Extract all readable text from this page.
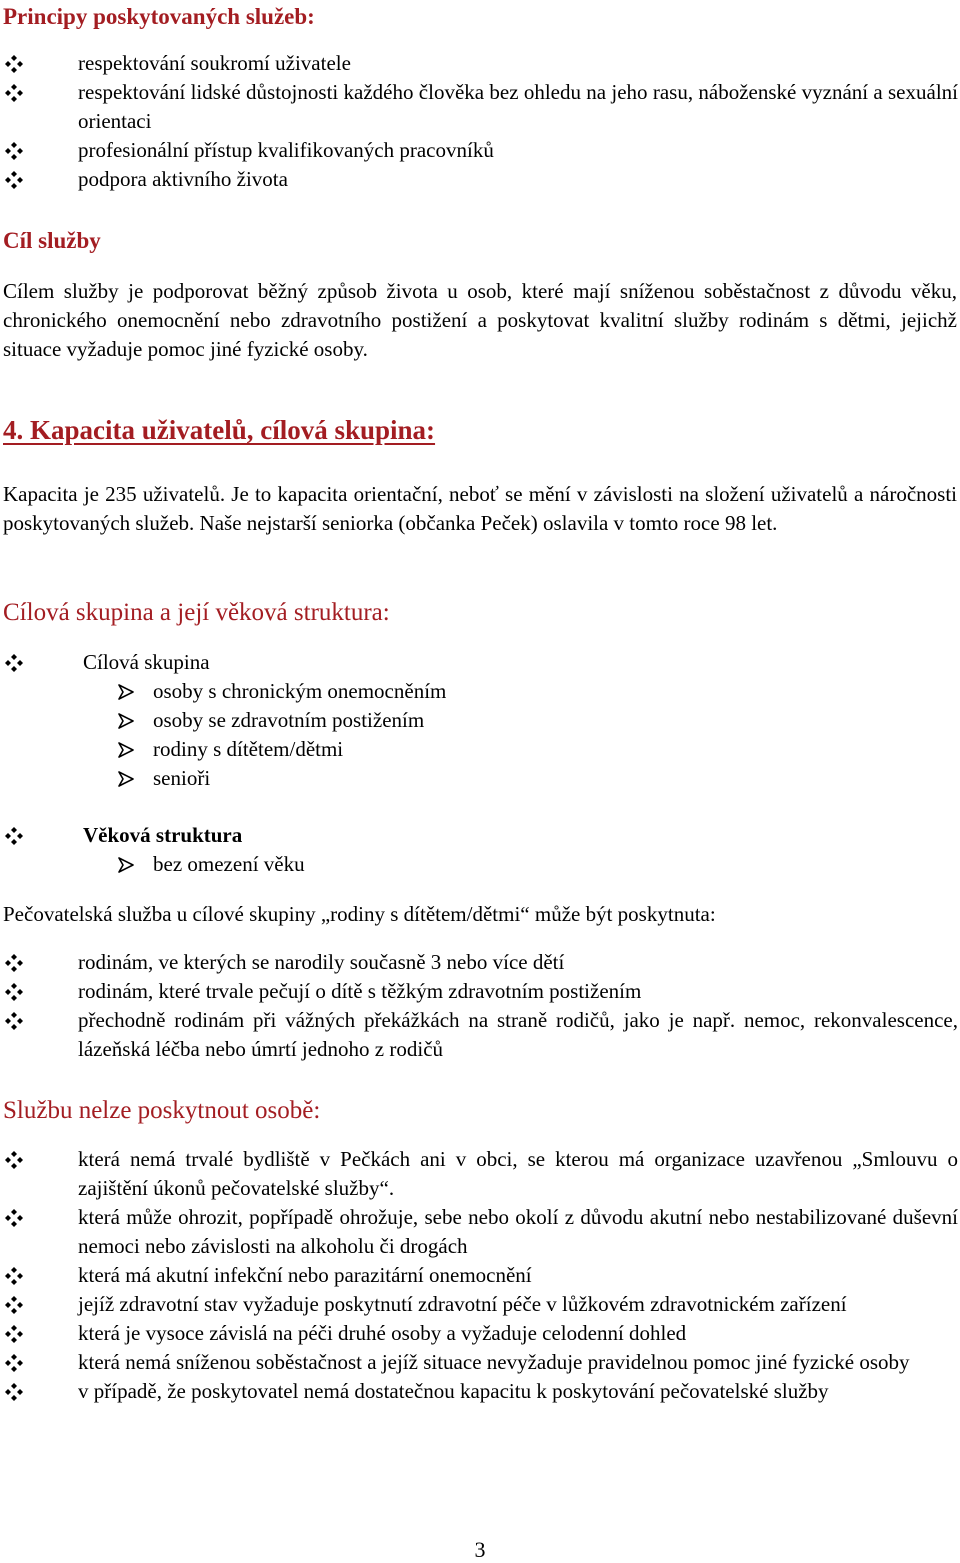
Principy poskytovaných služeb:
respektování soukromí uživatele
respektování lidské důstojnosti každého člověka bez ohledu na jeho rasu, náboženské vyznání a sexuální orientaci
profesionální přístup kvalifikovaných pracovníků
podpora aktivního života
Cíl služby

Cílem služby je podporovat běžný způsob života u osob, které mají sníženou soběstačnost z důvodu věku, chronického onemocnění nebo zdravotního postižení a poskytovat kvalitní služby rodinám s dětmi, jejichž situace vyžaduje pomoc jiné fyzické osoby.

4. Kapacita uživatelů, cílová skupina:

Kapacita je 235 uživatelů. Je to kapacita orientační, neboť se mění v závislosti na složení uživatelů a náročnosti poskytovaných služeb. Naše nejstarší seniorka (občanka Peček) oslavila v tomto roce 98 let.

Cílová skupina a její věková struktura:
Cílová skupina
osoby s chronickým onemocněním
osoby se zdravotním postižením
rodiny s dítětem/dětmi
senioři
Věková struktura
bez omezení věku

Pečovatelská služba u cílové skupiny „rodiny s dítětem/dětmi“ může být poskytnuta:

rodinám, ve kterých se narodily současně 3 nebo více dětí
rodinám, které trvale pečují o dítě s těžkým zdravotním postižením
přechodně rodinám při vážných překážkách na straně rodičů, jako je např. nemoc, rekonvalescence, lázeňská léčba nebo úmrtí jednoho z rodičů
Službu nelze poskytnout osobě:
která nemá trvalé bydliště v Pečkách ani v obci, se kterou má organizace uzavřenou „Smlouvu o zajištění úkonů pečovatelské služby“.
která může ohrozit, popřípadě ohrožuje, sebe nebo okolí z důvodu akutní nebo nestabilizované duševní nemoci nebo závislosti na alkoholu či drogách
která má akutní infekční nebo parazitární onemocnění
jejíž zdravotní stav vyžaduje poskytnutí zdravotní péče v lůžkovém zdravotnickém zařízení
která je vysoce závislá na péči druhé osoby a vyžaduje celodenní dohled
která nemá sníženou soběstačnost a jejíž situace nevyžaduje pravidelnou pomoc jiné fyzické osoby
v případě, že poskytovatel nemá dostatečnou kapacitu k poskytování pečovatelské služby
3
